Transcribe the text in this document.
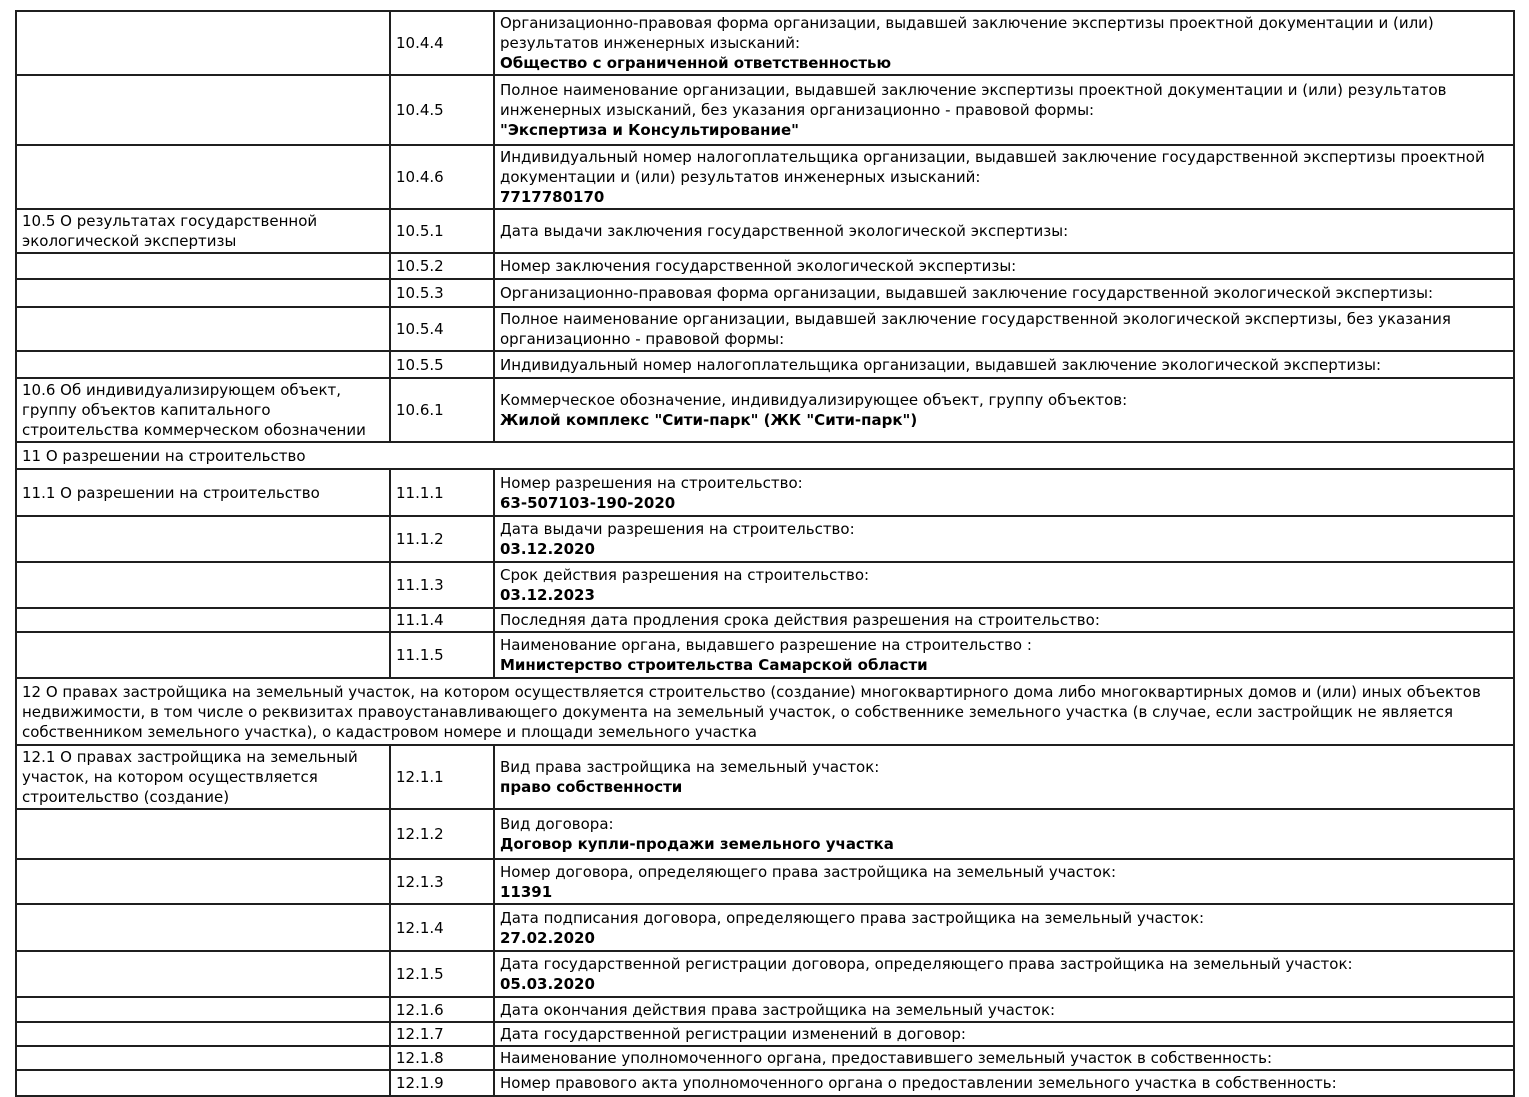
	10.4.4	Организационно-правовая форма организации, выдавшей заключение экспертизы проектной документации и (или) результатов инженерных изысканий:
Общество с ограниченной ответственностью

	10.4.5	Полное наименование организации, выдавшей заключение экспертизы проектной документации и (или) результатов инженерных изысканий, без указания организационно - правовой формы:
"Экспертиза и Консультирование"

	10.4.6	Индивидуальный номер налогоплательщика организации, выдавшей заключение государственной экспертизы проектной документации и (или) результатов инженерных изысканий:
7717780170

10.5 О результатах государственной экологической экспертизы	10.5.1	Дата выдачи заключения государственной экологической экспертизы:

	10.5.2	Номер заключения государственной экологической экспертизы:

	10.5.3	Организационно-правовая форма организации, выдавшей заключение государственной экологической экспертизы:

	10.5.4	Полное наименование организации, выдавшей заключение государственной экологической экспертизы, без указания организационно - правовой формы:

	10.5.5	Индивидуальный номер налогоплательщика организации, выдавшей заключение экологической экспертизы:

10.6 Об индивидуализирующем объект, группу объектов капитального строительства коммерческом обозначении	10.6.1	Коммерческое обозначение, индивидуализирующее объект, группу объектов:
Жилой комплекс "Сити-парк" (ЖК "Сити-парк")

11 О разрешении на строительство		
11.1 О разрешении на строительство	11.1.1	Номер разрешения на строительство:
63-507103-190-2020

	11.1.2	Дата выдачи разрешения на строительство:
03.12.2020

	11.1.3	Срок действия разрешения на строительство:
03.12.2023

	11.1.4	Последняя дата продления срока действия разрешения на строительство:

	11.1.5	Наименование органа, выдавшего разрешение на строительство :
Министерство строительства Самарской области

12 О правах застройщика на земельный участок, на котором осуществляется строительство (создание) многоквартирного дома либо многоквартирных домов и (или) иных объектов недвижимости, в том числе о реквизитах правоустанавливающего документа на земельный участок, о собственнике земельного участка (в случае, если застройщик не является собственником земельного участка), о кадастровом номере и площади земельного участка		
12.1 О правах застройщика на земельный участок, на котором осуществляется строительство (создание)	12.1.1	Вид права застройщика на земельный участок:
право собственности

	12.1.2	Вид договора:
Договор купли-продажи земельного участка

	12.1.3	Номер договора, определяющего права застройщика на земельный участок:
11391

	12.1.4	Дата подписания договора, определяющего права застройщика на земельный участок:
27.02.2020

	12.1.5	Дата государственной регистрации договора, определяющего права застройщика на земельный участок:
05.03.2020

	12.1.6	Дата окончания действия права застройщика на земельный участок:

	12.1.7	Дата государственной регистрации изменений в договор:

	12.1.8	Наименование уполномоченного органа, предоставившего земельный участок в собственность:

	12.1.9	Номер правового акта уполномоченного органа о предоставлении земельного участка в собственность:
